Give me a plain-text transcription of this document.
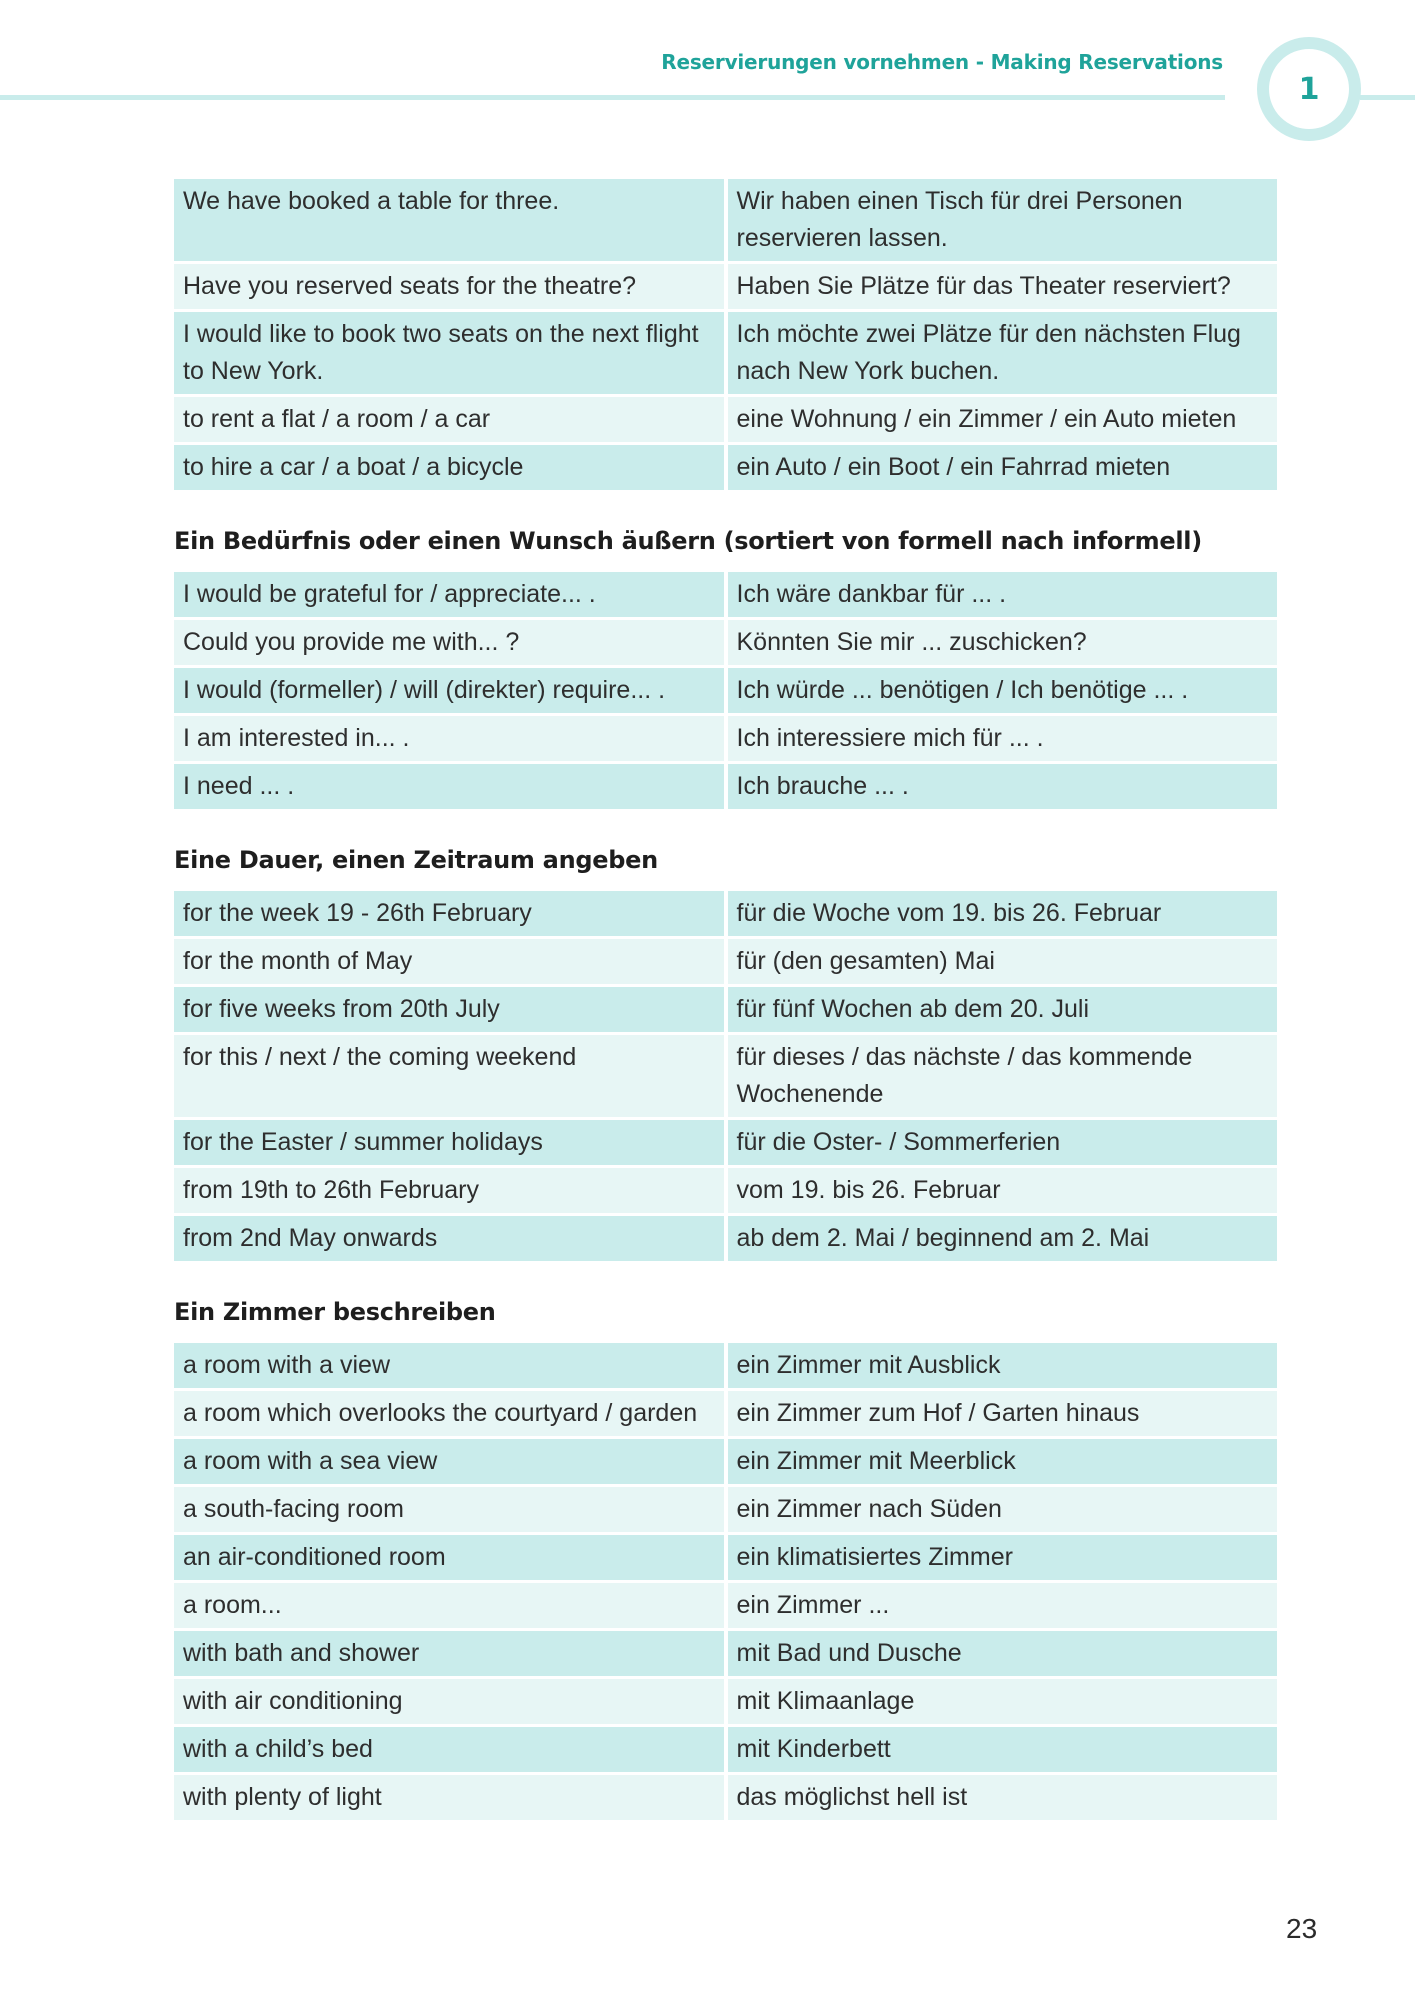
Reservierungen vornehmen - Making Reservations
1
We have booked a table for three.	Wir haben einen Tisch für drei Personen reservieren lassen.
Have you reserved seats for the theatre?	Haben Sie Plätze für das Theater reserviert?
I would like to book two seats on the next flight to New York.	Ich möchte zwei Plätze für den nächsten Flug nach New York buchen.
to rent a flat / a room / a car	eine Wohnung / ein Zimmer / ein Auto mieten
to hire a car / a boat / a bicycle	ein Auto / ein Boot / ein Fahrrad mieten
Ein Bedürfnis oder einen Wunsch äußern (sortiert von formell nach informell)
I would be grateful for / appreciate... .	Ich wäre dankbar für ... .
Could you provide me with... ?	Könnten Sie mir ... zuschicken?
I would (formeller) / will (direkter) require... .	Ich würde ... benötigen / Ich benötige ... .
I am interested in... .	Ich interessiere mich für ... .
I need ... .	Ich brauche ... .
Eine Dauer, einen Zeitraum angeben
for the week 19 - 26th February	für die Woche vom 19. bis 26. Februar
for the month of May	für (den gesamten) Mai
for five weeks from 20th July	für fünf Wochen ab dem 20. Juli
for this / next / the coming weekend	für dieses / das nächste / das kommende Wochenende
for the Easter / summer holidays	für die Oster- / Sommerferien
from 19th to 26th February	vom 19. bis 26. Februar
from 2nd May onwards	ab dem 2. Mai / beginnend am 2. Mai
Ein Zimmer beschreiben
a room with a view	ein Zimmer mit Ausblick
a room which overlooks the courtyard / garden	ein Zimmer zum Hof / Garten hinaus
a room with a sea view	ein Zimmer mit Meerblick
a south-facing room	ein Zimmer nach Süden
an air-conditioned room	ein klimatisiertes Zimmer
a room...	ein Zimmer ...
with bath and shower	mit Bad und Dusche
with air conditioning	mit Klimaanlage
with a child’s bed	mit Kinderbett
with plenty of light	das möglichst hell ist
23
